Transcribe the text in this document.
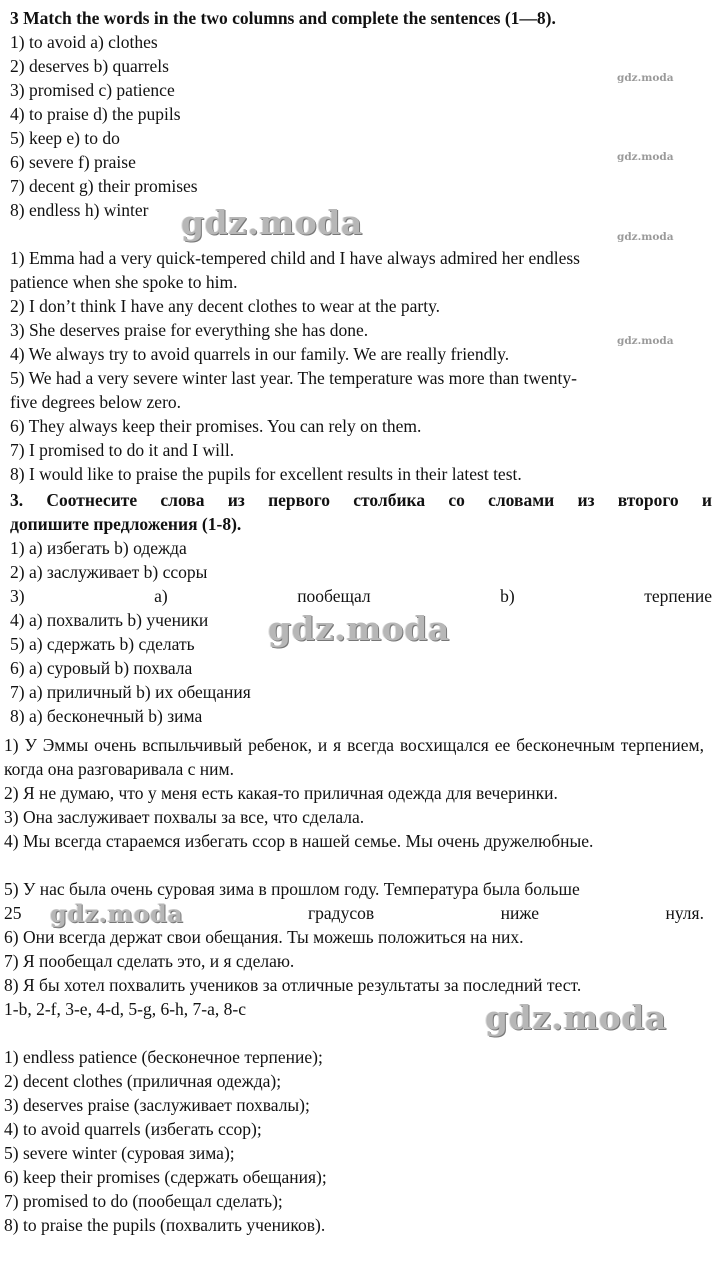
3 Match the words in the two columns and complete the sentences (1—8).
1) to avoid a) clothes
2) deserves b) quarrels
3) promised c) patience
4) to praise d) the pupils
5) keep e) to do
6) severe f) praise
7) decent g) their promises
8) endless h) winter
1) Emma had a very quick-tempered child and I have always admired her endless
patience when she spoke to him.
2) I don’t think I have any decent clothes to wear at the party.
3) She deserves praise for everything she has done.
4) We always try to avoid quarrels in our family. We are really friendly.
5) We had a very severe winter last year. The temperature was more than twenty-
five degrees below zero.
6) They always keep their promises. You can rely on them.
7) I promised to do it and I will.
8) I would like to praise the pupils for excellent results in their latest test.
3. Соотнесите слова из первого столбика со словами из второго и
допишите предложения (1-8).
1) а) избегать b) одежда
2) а) заслуживает b) ссоры
3)	а)	пообещал	b)	терпение
4) а) похвалить b) ученики
5) а) сдержать b) сделать
6) а) суровый b) похвала
7) а) приличный b) их обещания
8) а) бесконечный b) зима
1) У Эммы очень вспыльчивый ребенок, и я всегда восхищался ее бесконечным терпением, когда она разговаривала с ним.
2) Я не думаю, что у меня есть какая-то приличная одежда для вечеринки.
3) Она заслуживает похвалы за все, что сделала.
4) Мы всегда стараемся избегать ссор в нашей семье. Мы очень дружелюбные.
5) У нас была очень суровая зима в прошлом году. Температура была больше
25	градусов	ниже	нуля.
6) Они всегда держат свои обещания. Ты можешь положиться на них.
7) Я пообещал сделать это, и я сделаю.
8) Я бы хотел похвалить учеников за отличные результаты за последний тест.
1-b, 2-f, 3-e, 4-d, 5-g, 6-h, 7-a, 8-c
1) endless patience (бесконечное терпение);
2) decent clothes (приличная одежда);
3) deserves praise (заслуживает похвалы);
4) to avoid quarrels (избегать ссор);
5) severe winter (суровая зима);
6) keep their promises (сдержать обещания);
7) promised to do (пообещал сделать);
8) to praise the pupils (похвалить учеников).
gdz.moda
gdz.moda
gdz.moda
gdz.moda
gdz.moda
gdz.moda
gdz.moda
gdz.moda
